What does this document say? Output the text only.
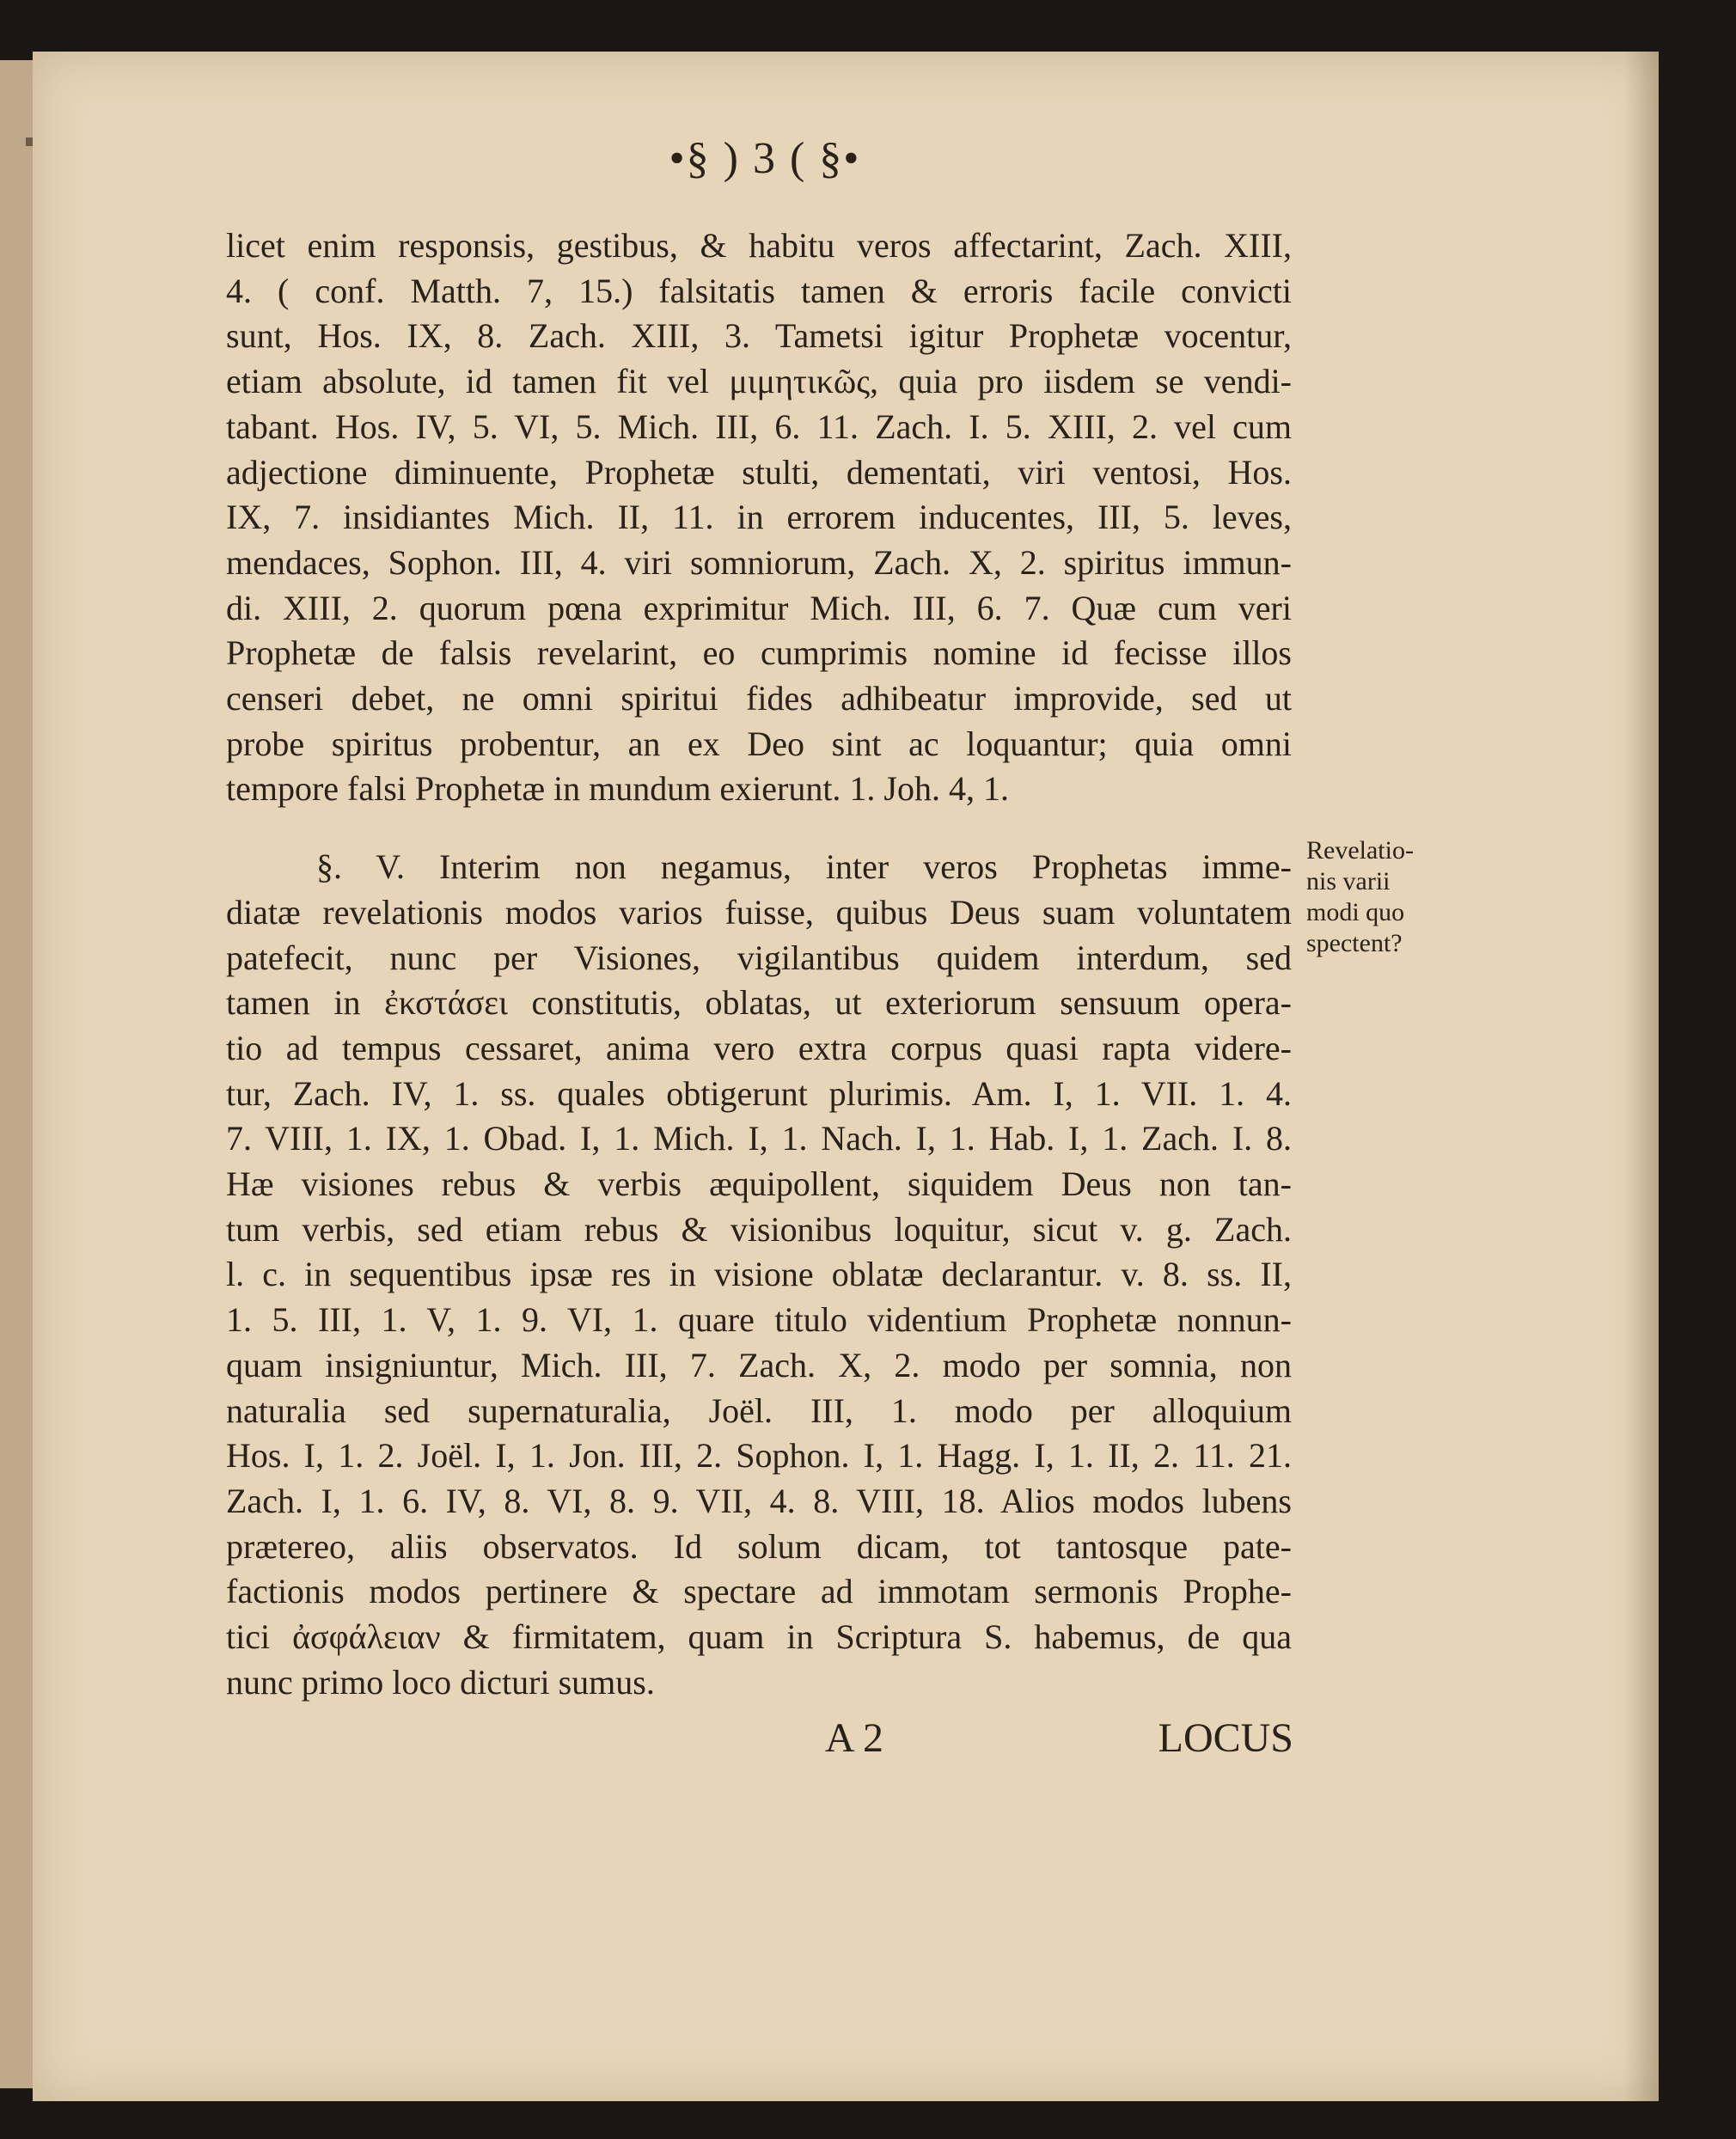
•§ ) 3 ( §•
licet enim responsis, gestibus, & habitu veros affectarint, Zach. XIII,
4. ( conf. Matth. 7, 15.) falsitatis tamen & erroris facile convicti
sunt, Hos. IX, 8. Zach. XIII, 3. Tametsi igitur Prophetæ vocentur,
etiam absolute, id tamen fit vel μιμητικῶς, quia pro iisdem se vendi-
tabant. Hos. IV, 5. VI, 5. Mich. III, 6. 11. Zach. I. 5. XIII, 2. vel cum
adjectione diminuente, Prophetæ stulti, dementati, viri ventosi, Hos.
IX, 7. insidiantes Mich. II, 11. in errorem inducentes, III, 5. leves,
mendaces, Sophon. III, 4. viri somniorum, Zach. X, 2. spiritus immun-
di. XIII, 2. quorum pœna exprimitur Mich. III, 6. 7. Quæ cum veri
Prophetæ de falsis revelarint, eo cumprimis nomine id fecisse illos
censeri debet, ne omni spiritui fides adhibeatur improvide, sed ut
probe spiritus probentur, an ex Deo sint ac loquantur; quia omni
tempore falsi Prophetæ in mundum exierunt. 1. Joh. 4, 1.
§. V. Interim non negamus, inter veros Prophetas imme-
diatæ revelationis modos varios fuisse, quibus Deus suam voluntatem
patefecit, nunc per Visiones, vigilantibus quidem interdum, sed
tamen in ἐκστάσει constitutis, oblatas, ut exteriorum sensuum opera-
tio ad tempus cessaret, anima vero extra corpus quasi rapta videre-
tur, Zach. IV, 1. ss. quales obtigerunt plurimis. Am. I, 1. VII. 1. 4.
7. VIII, 1. IX, 1. Obad. I, 1. Mich. I, 1. Nach. I, 1. Hab. I, 1. Zach. I. 8.
Hæ visiones rebus & verbis æquipollent, siquidem Deus non tan-
tum verbis, sed etiam rebus & visionibus loquitur, sicut v. g. Zach.
l. c. in sequentibus ipsæ res in visione oblatæ declarantur. v. 8. ss. II,
1. 5. III, 1. V, 1. 9. VI, 1. quare titulo videntium Prophetæ nonnun-
quam insigniuntur, Mich. III, 7. Zach. X, 2. modo per somnia, non
naturalia sed supernaturalia, Joël. III, 1. modo per alloquium
Hos. I, 1. 2. Joël. I, 1. Jon. III, 2. Sophon. I, 1. Hagg. I, 1. II, 2. 11. 21.
Zach. I, 1. 6. IV, 8. VI, 8. 9. VII, 4. 8. VIII, 18. Alios modos lubens
prætereo, aliis observatos. Id solum dicam, tot tantosque pate-
factionis modos pertinere & spectare ad immotam sermonis Prophe-
tici ἀσφάλειαν & firmitatem, quam in Scriptura S. habemus, de qua
nunc primo loco dicturi sumus.
Revelatio-
nis varii
modi quo
spectent?
A 2	LOCUS
